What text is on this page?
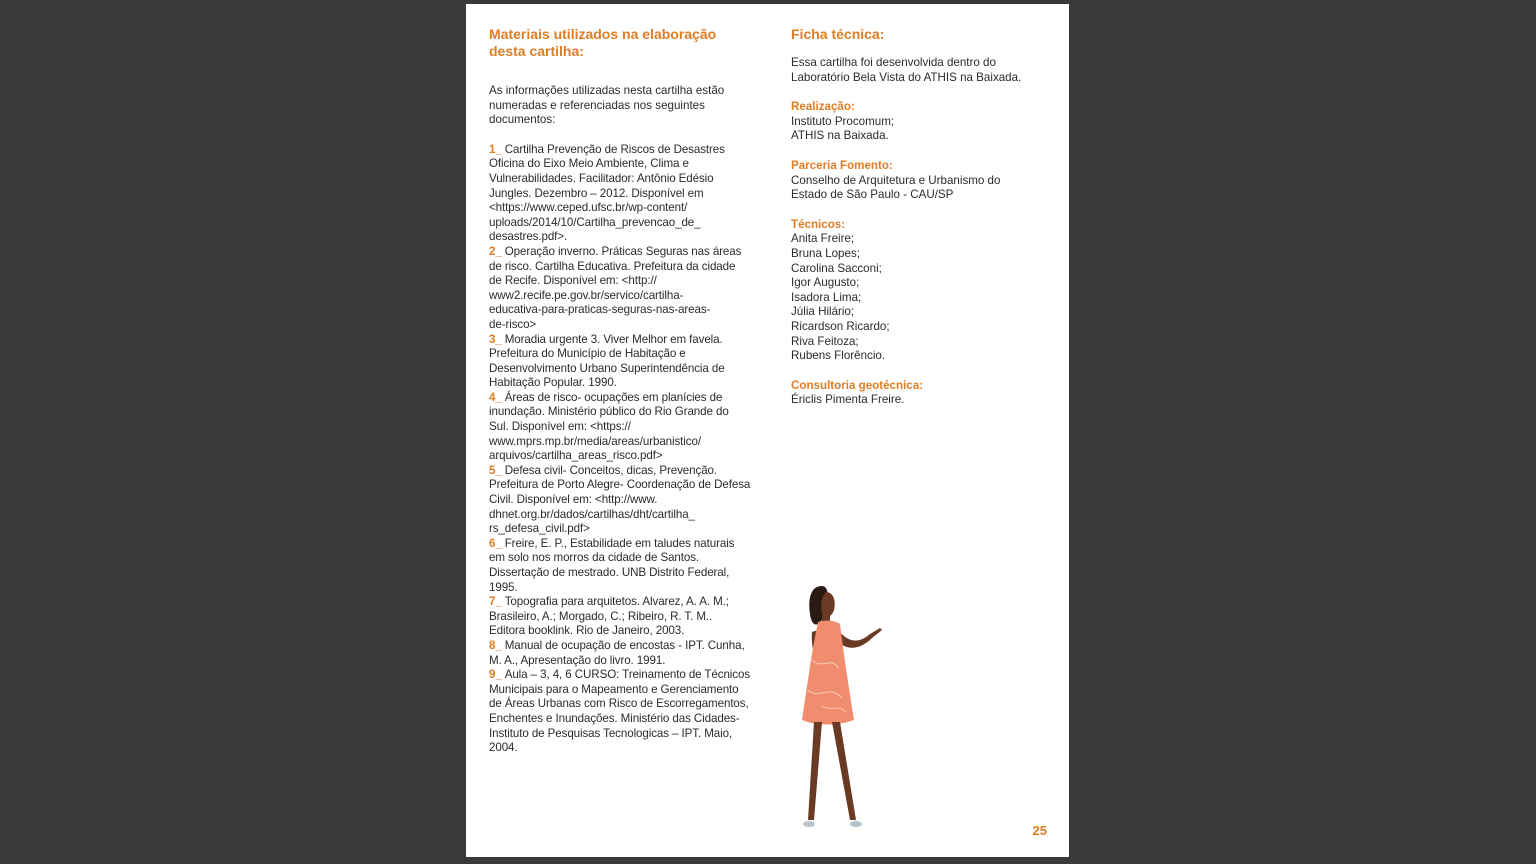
Materiais utilizados na elaboração desta cartilha:

As informações utilizadas nesta cartilha estão numeradas e referenciadas nos seguintes documentos:

1_ Cartilha Prevenção de Riscos de Desastres Oficina do Eixo Meio Ambiente, Clima e Vulnerabilidades. Facilitador: Antônio Edésio Jungles. Dezembro – 2012. Disponível em <https://www.ceped.ufsc.br/wp-content/
uploads/2014/10/Cartilha_prevencao_de_
desastres.pdf>.

2_ Operação inverno. Práticas Seguras nas áreas de risco. Cartilha Educativa. Prefeitura da cidade de Recife. Disponível em: <http://
www2.recife.pe.gov.br/servico/cartilha-
educativa-para-praticas-seguras-nas-areas-
de-risco>

3_ Moradia urgente 3. Viver Melhor em favela. Prefeitura do Município de Habitação e Desenvolvimento Urbano Superintendência de Habitação Popular. 1990.

4_ Áreas de risco- ocupações em planícies de inundação. Ministério público do Rio Grande do Sul. Disponível em: <https://
www.mprs.mp.br/media/areas/urbanistico/
arquivos/cartilha_areas_risco.pdf>

5_ Defesa civil- Conceitos, dicas, Prevenção. Prefeitura de Porto Alegre- Coordenação de Defesa Civil. Disponível em: <http://www.
dhnet.org.br/dados/cartilhas/dht/cartilha_
rs_defesa_civil.pdf>

6_ Freire, E. P., Estabilidade em taludes naturais em solo nos morros da cidade de Santos. Dissertação de mestrado. UNB Distrito Federal, 1995.

7_ Topografia para arquitetos. Alvarez, A. A. M.; Brasileiro, A.; Morgado, C.; Ribeiro, R. T. M.. Editora booklink. Rio de Janeiro, 2003.

8_ Manual de ocupação de encostas - IPT. Cunha, M. A., Apresentação do livro. 1991.

9_ Aula – 3, 4, 6 CURSO: Treinamento de Técnicos Municipais para o Mapeamento e Gerenciamento de Áreas Urbanas com Risco de Escorregamentos, Enchentes e Inundações. Ministério das Cidades- Instituto de Pesquisas Tecnologicas – IPT. Maio, 2004.

Ficha técnica:

Essa cartilha foi desenvolvida dentro do
Laboratório Bela Vista do ATHIS na Baixada.

Realização:
Instituto Procomum;
ATHIS na Baixada.
Parceria Fomento:
Conselho de Arquitetura e Urbanismo do
Estado de São Paulo - CAU/SP
Técnicos:
Anita Freire;
Bruna Lopes;
Carolina Sacconi;
Igor Augusto;
Isadora Lima;
Júlia Hilário;
Ricardson Ricardo;
Riva Feitoza;
Rubens Florêncio.
Consultoria geotécnica:
Ériclis Pimenta Freire.
25
